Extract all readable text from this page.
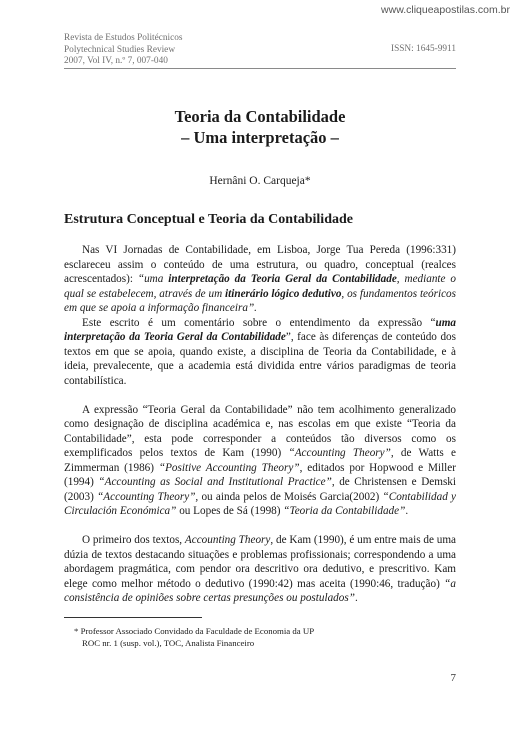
www.cliqueapostilas.com.br
Revista de Estudos Politécnicos
Polytechnical Studies Review
2007, Vol IV, n.º 7, 007-040
ISSN: 1645-9911
Teoria da Contabilidade
– Uma interpretação –
Hernâni O. Carqueja*
Estrutura Conceptual e Teoria da Contabilidade

Nas VI Jornadas de Contabilidade, em Lisboa, Jorge Tua Pereda (1996:331) esclareceu assim o conteúdo de uma estrutura, ou quadro, conceptual (realces acrescentados): “uma interpretação da Teoria Geral da Contabilidade, mediante o qual se estabelecem, através de um itinerário lógico dedutivo, os fundamentos teóricos em que se apoia a informação financeira”.

Este escrito é um comentário sobre o entendimento da expressão “uma interpretação da Teoria Geral da Contabilidade”, face às diferenças de conteúdo dos textos em que se apoia, quando existe, a disciplina de Teoria da Contabilidade, e à ideia, prevalecente, que a academia está dividida entre vários paradigmas de teoria contabilística.

A expressão “Teoria Geral da Contabilidade” não tem acolhimento generalizado como designação de disciplina académica e, nas escolas em que existe “Teoria da Contabilidade”, esta pode corresponder a conteúdos tão diversos como os exemplificados pelos textos de Kam (1990) “Accounting Theory”, de Watts e Zimmerman (1986) “Positive Accounting Theory”, editados por Hopwood e Miller (1994) “Accounting as Social and Institutional Practice”, de Christensen e Demski (2003) “Accounting Theory”, ou ainda pelos de Moisés Garcia(2002) “Contabilidad y Circulación Económica” ou Lopes de Sá (1998) “Teoria da Contabilidade”.

O primeiro dos textos, Accounting Theory, de Kam (1990), é um entre mais de uma dúzia de textos destacando situações e problemas profissionais; correspondendo a uma abordagem pragmática, com pendor ora descritivo ora dedutivo, e prescritivo. Kam elege como melhor método o dedutivo (1990:42) mas aceita (1990:46, tradução) “a consistência de opiniões sobre certas presunções ou postulados”.

* Professor Associado Convidado da Faculdade de Economia da UP
ROC nr. 1 (susp. vol.), TOC, Analista Financeiro
7
